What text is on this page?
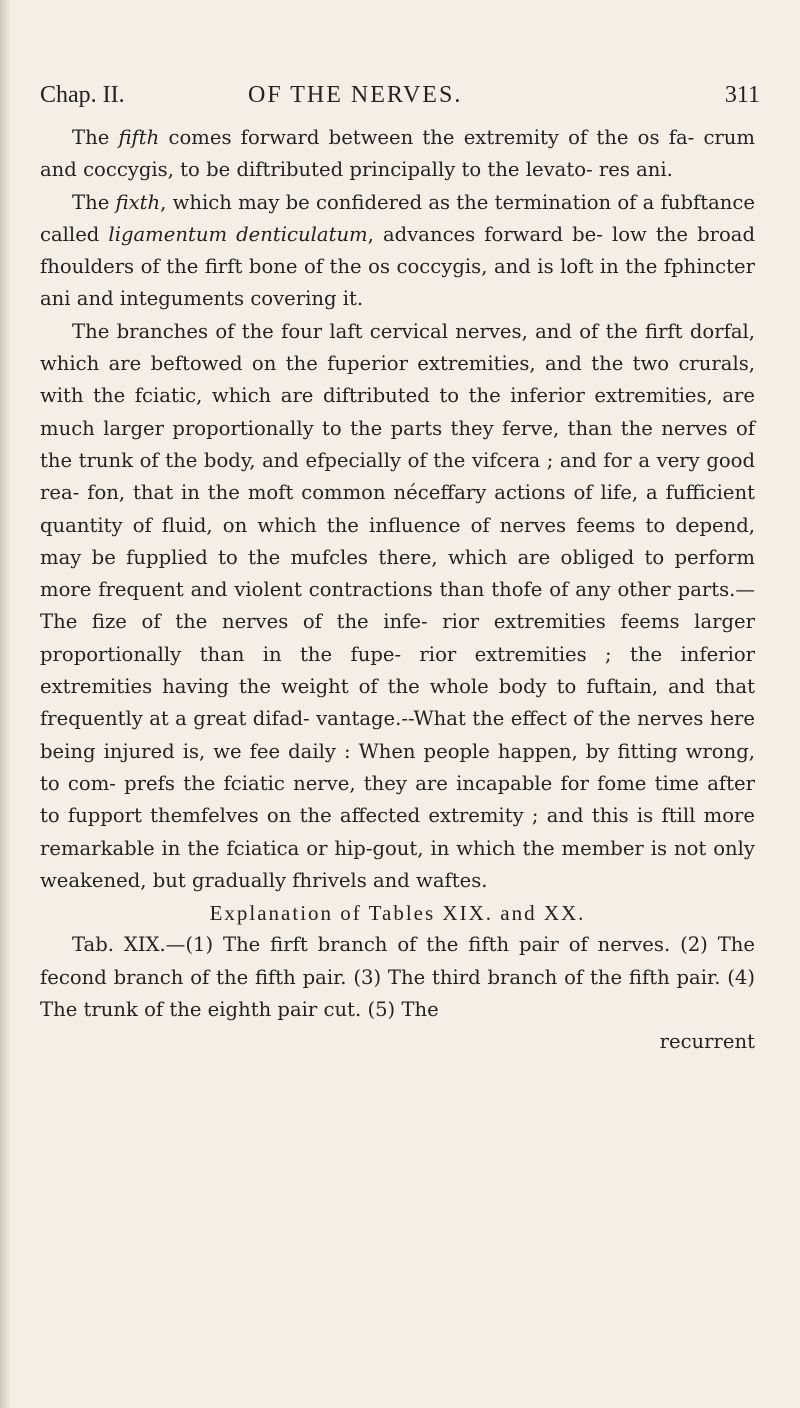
Chap. II.	OF THE NERVES.	311

The fifth comes forward between the extremity of the os fa- crum and coccygis, to be diftributed principally to the levato- res ani.

The fixth, which may be confidered as the termination of a fubftance called ligamentum denticulatum, advances forward be- low the broad fhoulders of the firft bone of the os coccygis, and is loft in the fphincter ani and integuments covering it.

The branches of the four laft cervical nerves, and of the firft dorfal, which are beftowed on the fuperior extremities, and the two crurals, with the fciatic, which are diftributed to the inferior extremities, are much larger proportionally to the parts they ferve, than the nerves of the trunk of the body, and efpecially of the vifcera ; and for a very good rea- fon, that in the moft common néceffary actions of life, a fufficient quantity of fluid, on which the influence of nerves feems to depend, may be fupplied to the mufcles there, which are obliged to perform more frequent and violent contractions than thofe of any other parts.—The fize of the nerves of the infe- rior extremities feems larger proportionally than in the fupe- rior extremities ; the inferior extremities having the weight of the whole body to fuftain, and that frequently at a great difad- vantage.--What the effect of the nerves here being injured is, we fee daily : When people happen, by fitting wrong, to com- prefs the fciatic nerve, they are incapable for fome time after to fupport themfelves on the affected extremity ; and this is ftill more remarkable in the fciatica or hip-gout, in which the member is not only weakened, but gradually fhrivels and waftes.

Explanation of Tables XIX. and XX.

Tab. XIX.—(1) The firft branch of the fifth pair of nerves. (2) The fecond branch of the fifth pair. (3) The third branch of the fifth pair. (4) The trunk of the eighth pair cut. (5) The

recurrent
